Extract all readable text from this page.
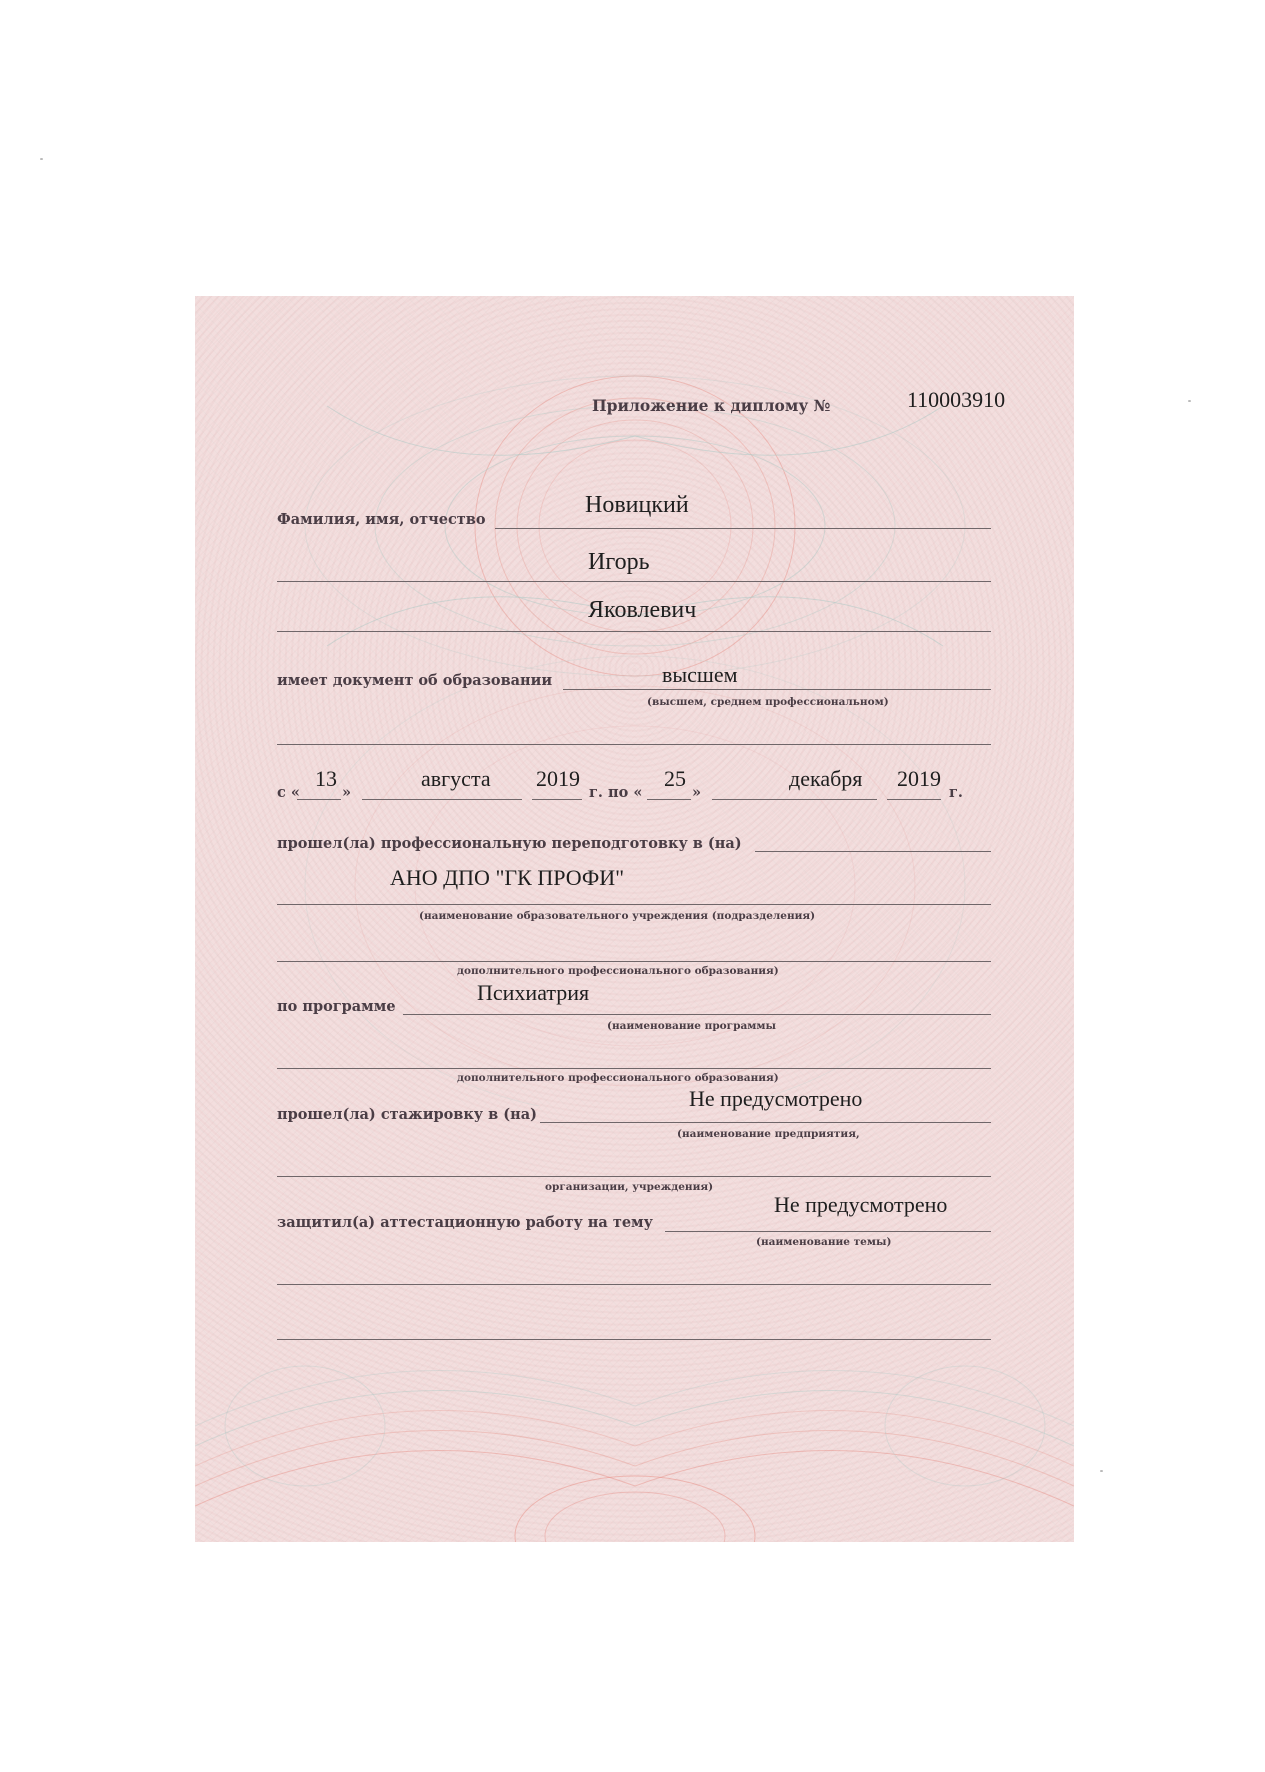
Приложение к диплому №	110003910
Фамилия, имя, отчество
Новицкий
Игорь
Яковлевич
имеет документ об образовании	высшем
(высшем, среднем профессиональном)
с «
13
»
августа 2019
г. по «
25
»
декабря 2019
г.
прошел(ла) профессиональную переподготовку в (на)
АНО ДПО "ГК ПРОФИ"
(наименование образовательного учреждения (подразделения)
дополнительного профессионального образования)
по программе
Психиатрия
(наименование программы
дополнительного профессионального образования)
прошел(ла) стажировку в (на)
Не предусмотрено
(наименование предприятия,
организации, учреждения)
защитил(а) аттестационную работу на тему
Не предусмотрено
(наименование темы)
